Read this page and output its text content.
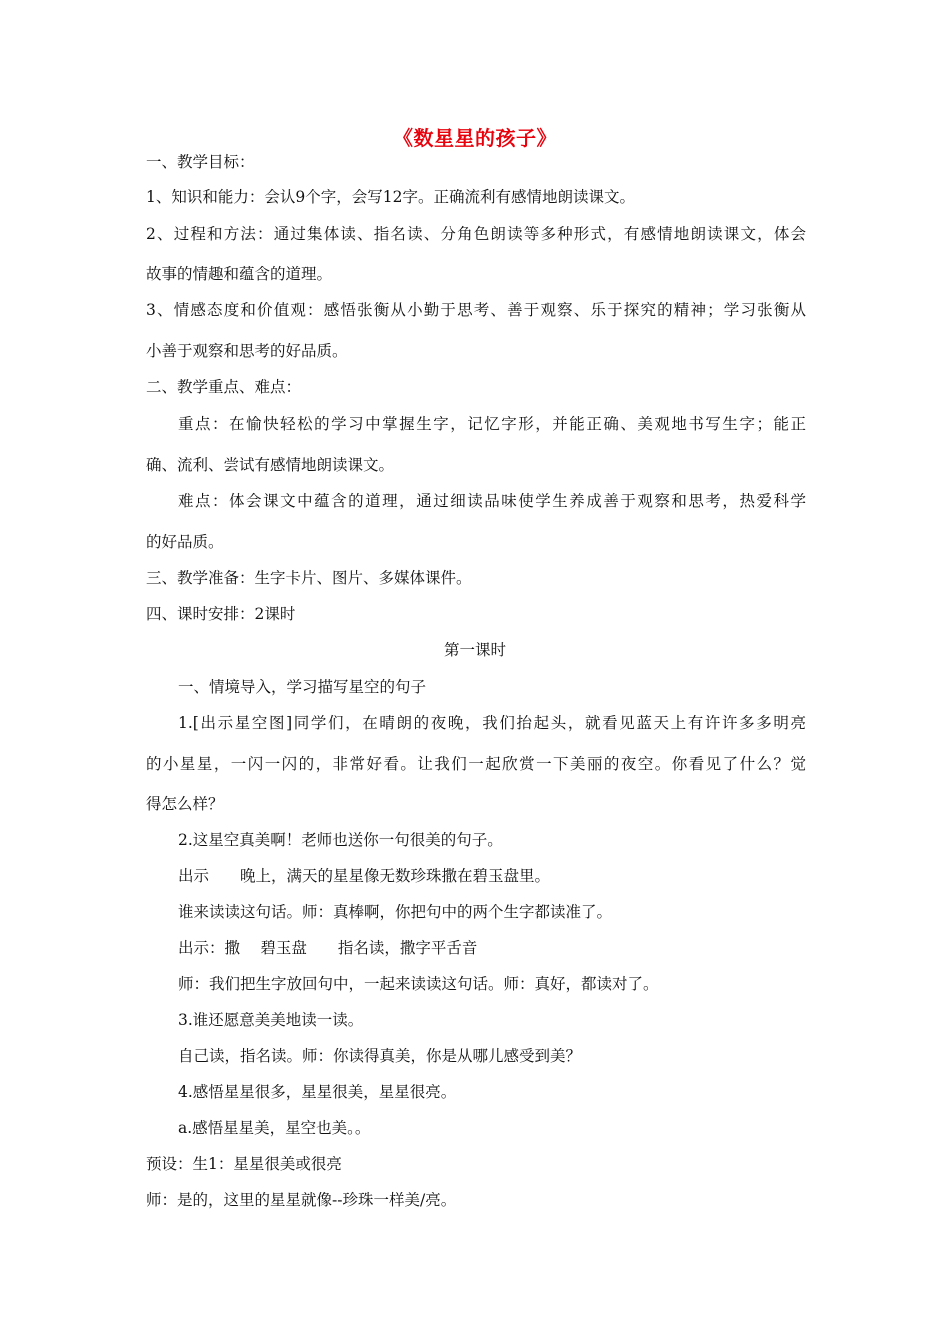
《数星星的孩子》
一、教学目标：
1、知识和能力：会认9个字，会写12字。正确流利有感情地朗读课文。
2、过程和方法：通过集体读、指名读、分角色朗读等多种形式，有感情地朗读课文，体会
故事的情趣和蕴含的道理。
3、情感态度和价值观：感悟张衡从小勤于思考、善于观察、乐于探究的精神；学习张衡从
小善于观察和思考的好品质。
二、教学重点、难点：
重点：在愉快轻松的学习中掌握生字，记忆字形，并能正确、美观地书写生字；能正
确、流利、尝试有感情地朗读课文。
难点：体会课文中蕴含的道理，通过细读品味使学生养成善于观察和思考，热爱科学
的好品质。
三、教学准备：生字卡片、图片、多媒体课件。
四、课时安排：2课时
第一课时
一、情境导入，学习描写星空的句子
1.[出示星空图]同学们，在晴朗的夜晚，我们抬起头，就看见蓝天上有许许多多明亮
的小星星，一闪一闪的，非常好看。让我们一起欣赏一下美丽的夜空。你看见了什么？觉
得怎么样？
2.这星空真美啊！老师也送你一句很美的句子。
出示　　晚上，满天的星星像无数珍珠撒在碧玉盘里。
谁来读读这句话。师：真棒啊，你把句中的两个生字都读准了。
出示：撒　 碧玉盘　　指名读，撒字平舌音
师：我们把生字放回句中，一起来读读这句话。师：真好，都读对了。
3.谁还愿意美美地读一读。
自己读，指名读。师：你读得真美，你是从哪儿感受到美？
4.感悟星星很多，星星很美，星星很亮。
a.感悟星星美，星空也美。。
预设：生1：星星很美或很亮
师：是的，这里的星星就像--珍珠一样美/亮。
